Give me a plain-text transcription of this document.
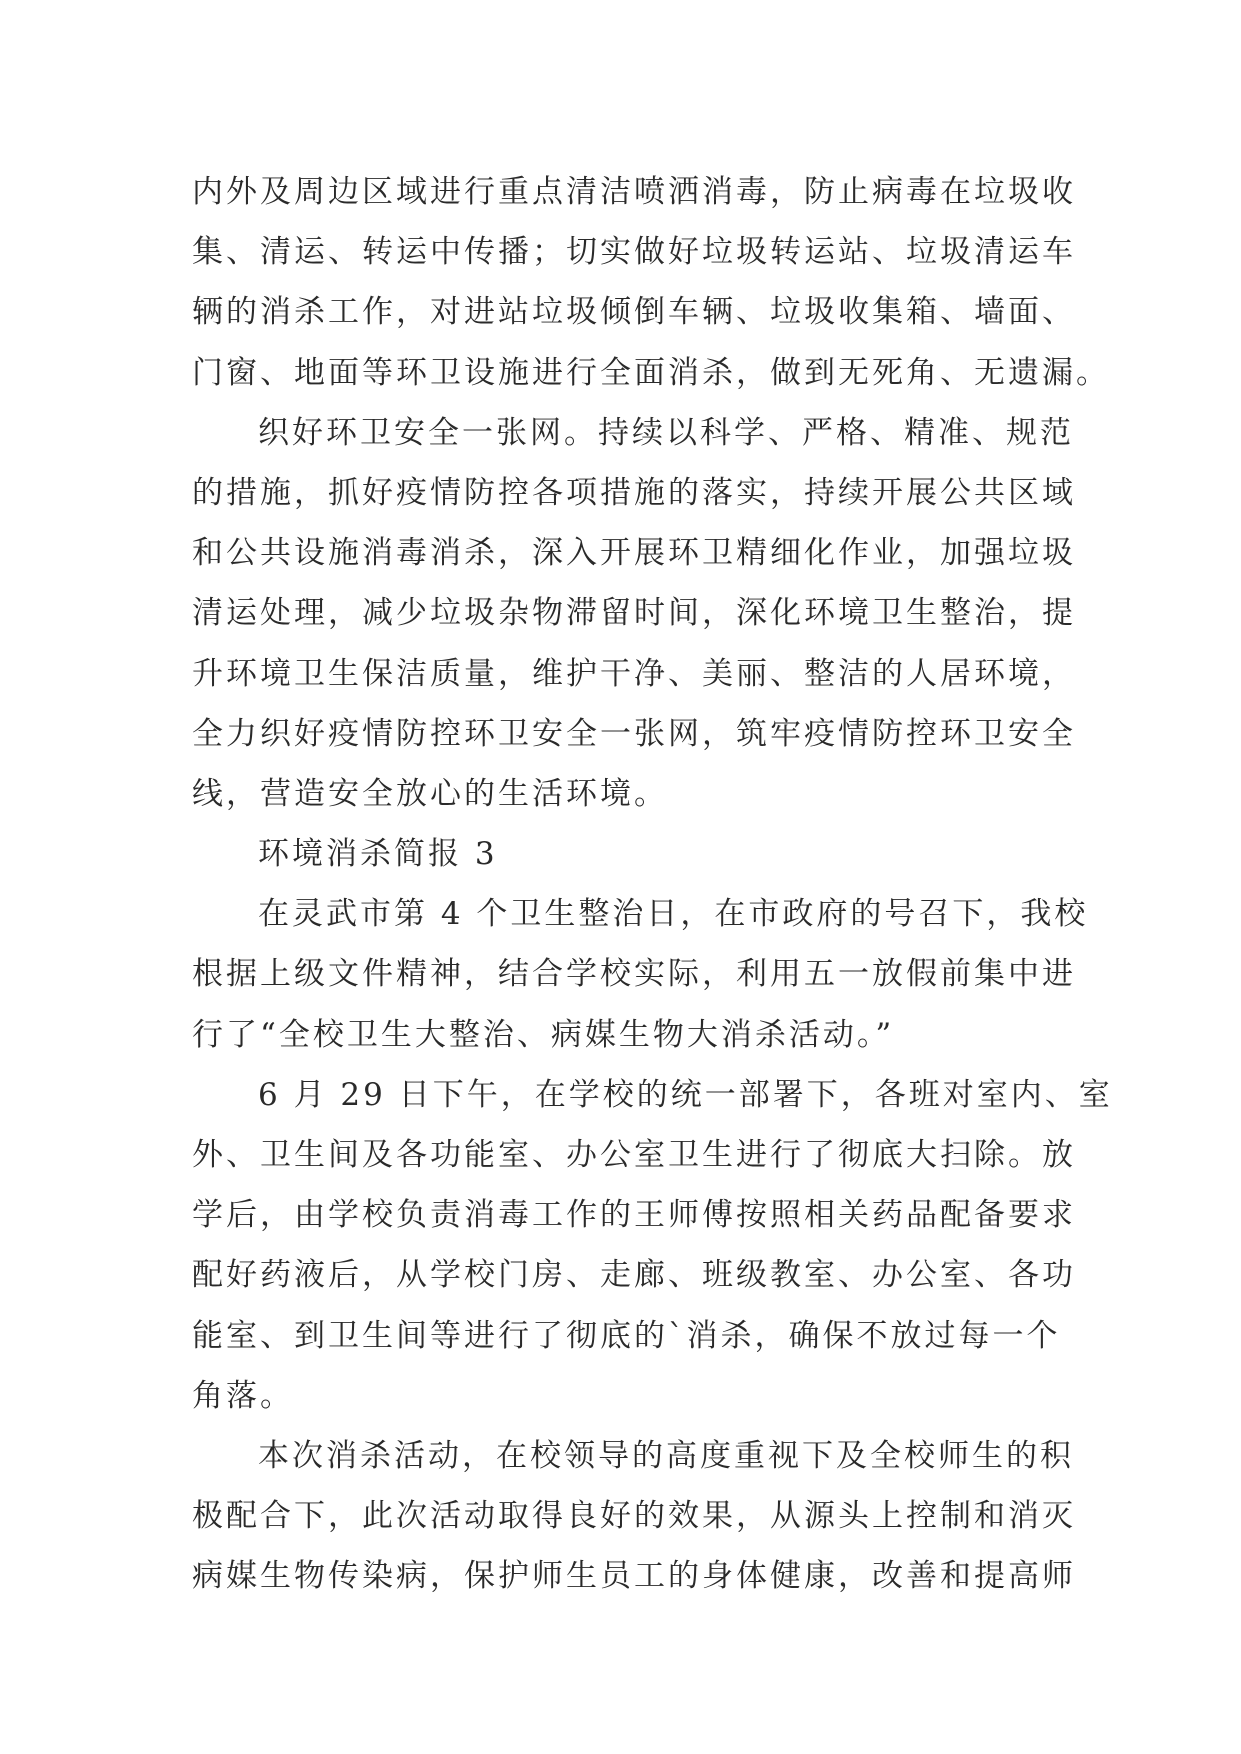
内外及周边区域进行重点清洁喷洒消毒，防止病毒在垃圾收
集、清运、转运中传播；切实做好垃圾转运站、垃圾清运车
辆的消杀工作，对进站垃圾倾倒车辆、垃圾收集箱、墙面、
门窗、地面等环卫设施进行全面消杀，做到无死角、无遗漏。
织好环卫安全一张网。持续以科学、严格、精准、规范
的措施，抓好疫情防控各项措施的落实，持续开展公共区域
和公共设施消毒消杀，深入开展环卫精细化作业，加强垃圾
清运处理，减少垃圾杂物滞留时间，深化环境卫生整治，提
升环境卫生保洁质量，维护干净、美丽、整洁的人居环境，
全力织好疫情防控环卫安全一张网，筑牢疫情防控环卫安全
线，营造安全放心的生活环境。
环境消杀简报 3
在灵武市第 4 个卫生整治日，在市政府的号召下，我校
根据上级文件精神，结合学校实际，利用五一放假前集中进
行了“全校卫生大整治、病媒生物大消杀活动。”
6 月 29 日下午，在学校的统一部署下，各班对室内、室
外、卫生间及各功能室、办公室卫生进行了彻底大扫除。放
学后，由学校负责消毒工作的王师傅按照相关药品配备要求
配好药液后，从学校门房、走廊、班级教室、办公室、各功
能室、到卫生间等进行了彻底的`消杀，确保不放过每一个
角落。
本次消杀活动，在校领导的高度重视下及全校师生的积
极配合下，此次活动取得良好的效果，从源头上控制和消灭
病媒生物传染病，保护师生员工的身体健康，改善和提高师
